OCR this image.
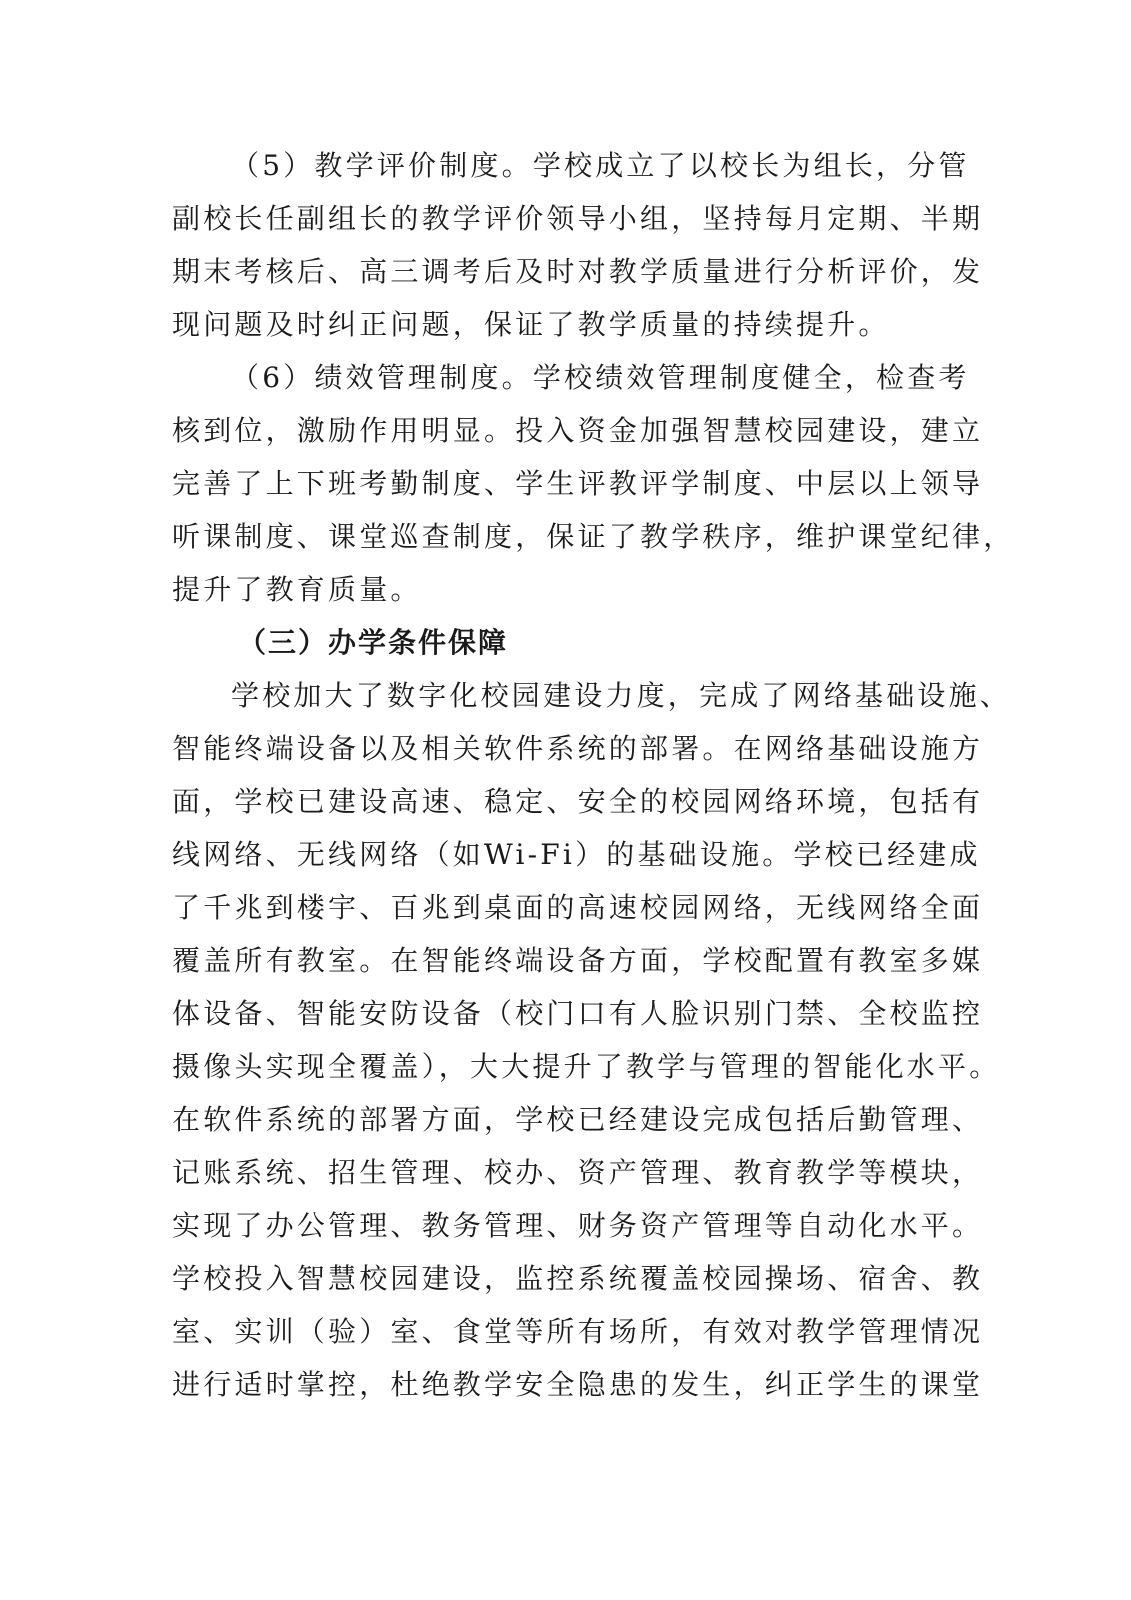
（5）教学评价制度。学校成立了以校长为组长，分管
副校长任副组长的教学评价领导小组，坚持每月定期、半期
期末考核后、高三调考后及时对教学质量进行分析评价，发
现问题及时纠正问题，保证了教学质量的持续提升。
（6）绩效管理制度。学校绩效管理制度健全，检查考
核到位，激励作用明显。投入资金加强智慧校园建设，建立
完善了上下班考勤制度、学生评教评学制度、中层以上领导
听课制度、课堂巡查制度，保证了教学秩序，维护课堂纪律，
提升了教育质量。
（三）办学条件保障
学校加大了数字化校园建设力度，完成了网络基础设施、
智能终端设备以及相关软件系统的部署。在网络基础设施方
面，学校已建设高速、稳定、安全的校园网络环境，包括有
线网络、无线网络（如Wi-Fi）的基础设施。学校已经建成
了千兆到楼宇、百兆到桌面的高速校园网络，无线网络全面
覆盖所有教室。在智能终端设备方面，学校配置有教室多媒
体设备、智能安防设备（校门口有人脸识别门禁、全校监控
摄像头实现全覆盖），大大提升了教学与管理的智能化水平。
在软件系统的部署方面，学校已经建设完成包括后勤管理、
记账系统、招生管理、校办、资产管理、教育教学等模块，
实现了办公管理、教务管理、财务资产管理等自动化水平。
学校投入智慧校园建设，监控系统覆盖校园操场、宿舍、教
室、实训（验）室、食堂等所有场所，有效对教学管理情况
进行适时掌控，杜绝教学安全隐患的发生，纠正学生的课堂
